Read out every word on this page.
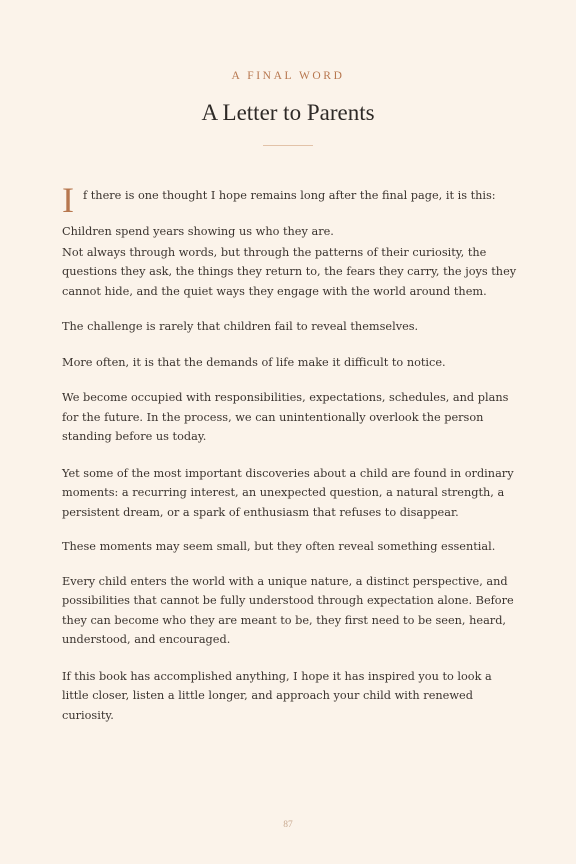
A FINAL WORD
A Letter to Parents
I f there is one thought I hope remains long after the final page, it is this:

Children spend years showing us who they are.

Not always through words, but through the patterns of their curiosity, the questions they ask, the things they return to, the fears they carry, the joys they cannot hide, and the quiet ways they engage with the world around them.

The challenge is rarely that children fail to reveal themselves.

More often, it is that the demands of life make it difficult to notice.

We become occupied with responsibilities, expectations, schedules, and plans for the future. In the process, we can unintentionally overlook the person standing before us today.

Yet some of the most important discoveries about a child are found in ordinary moments: a recurring interest, an unexpected question, a natural strength, a persistent dream, or a spark of enthusiasm that refuses to disappear.

These moments may seem small, but they often reveal something essential.

Every child enters the world with a unique nature, a distinct perspective, and possibilities that cannot be fully understood through expectation alone. Before they can become who they are meant to be, they first need to be seen, heard, understood, and encouraged.

If this book has accomplished anything, I hope it has inspired you to look a little closer, listen a little longer, and approach your child with renewed curiosity.

87
